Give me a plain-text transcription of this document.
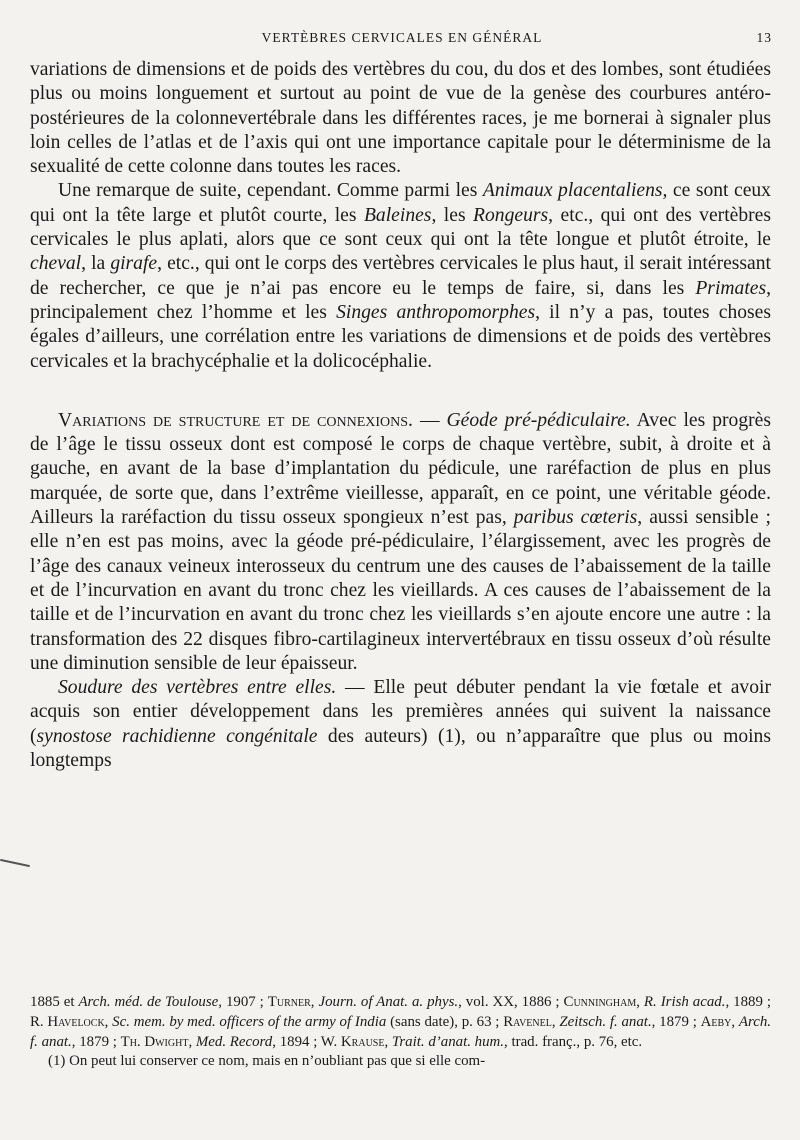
VERTÈBRES CERVICALES EN GÉNÉRAL	13

variations de dimensions et de poids des vertèbres du cou, du dos et des lombes, sont étudiées plus ou moins longuement et surtout au point de vue de la genèse des courbures antéro-postérieures de la colonnevertébrale dans les différentes races, je me bornerai à signaler plus loin celles de l’atlas et de l’axis qui ont une importance capitale pour le déterminisme de la sexualité de cette colonne dans toutes les races.

Une remarque de suite, cependant. Comme parmi les Animaux placentaliens, ce sont ceux qui ont la tête large et plutôt courte, les Baleines, les Rongeurs, etc., qui ont des vertèbres cervicales le plus aplati, alors que ce sont ceux qui ont la tête longue et plutôt étroite, le cheval, la girafe, etc., qui ont le corps des vertèbres cervicales le plus haut, il serait intéressant de rechercher, ce que je n’ai pas encore eu le temps de faire, si, dans les Primates, principalement chez l’homme et les Singes anthropomorphes, il n’y a pas, toutes choses égales d’ailleurs, une corrélation entre les variations de dimensions et de poids des vertèbres cervicales et la brachycéphalie et la dolicocéphalie.

Variations de structure et de connexions. — Géode pré-pédiculaire. Avec les progrès de l’âge le tissu osseux dont est composé le corps de chaque vertèbre, subit, à droite et à gauche, en avant de la base d’implantation du pédicule, une raréfaction de plus en plus marquée, de sorte que, dans l’extrême vieillesse, apparaît, en ce point, une véritable géode. Ailleurs la raréfaction du tissu osseux spongieux n’est pas, paribus cœteris, aussi sensible ; elle n’en est pas moins, avec la géode pré-pédiculaire, l’élargissement, avec les progrès de l’âge des canaux veineux interosseux du centrum une des causes de l’abaissement de la taille et de l’incurvation en avant du tronc chez les vieillards. A ces causes de l’abaissement de la taille et de l’incurvation en avant du tronc chez les vieillards s’en ajoute encore une autre : la transformation des 22 disques fibro-cartilagineux intervertébraux en tissu osseux d’où résulte une diminution sensible de leur épaisseur.

Soudure des vertèbres entre elles. — Elle peut débuter pendant la vie fœtale et avoir acquis son entier développement dans les premières années qui suivent la naissance (synostose rachidienne congénitale des auteurs) (1), ou n’apparaître que plus ou moins longtemps

1885 et Arch. méd. de Toulouse, 1907 ; Turner, Journ. of Anat. a. phys., vol. XX, 1886 ; Cunningham, R. Irish acad., 1889 ; R. Havelock, Sc. mem. by med. officers of the army of India (sans date), p. 63 ; Ravenel, Zeitsch. f. anat., 1879 ; Aeby, Arch. f. anat., 1879 ; Th. Dwight, Med. Record, 1894 ; W. Krause, Trait. d’anat. hum., trad. franç., p. 76, etc.

(1) On peut lui conserver ce nom, mais en n’oubliant pas que si elle com-
